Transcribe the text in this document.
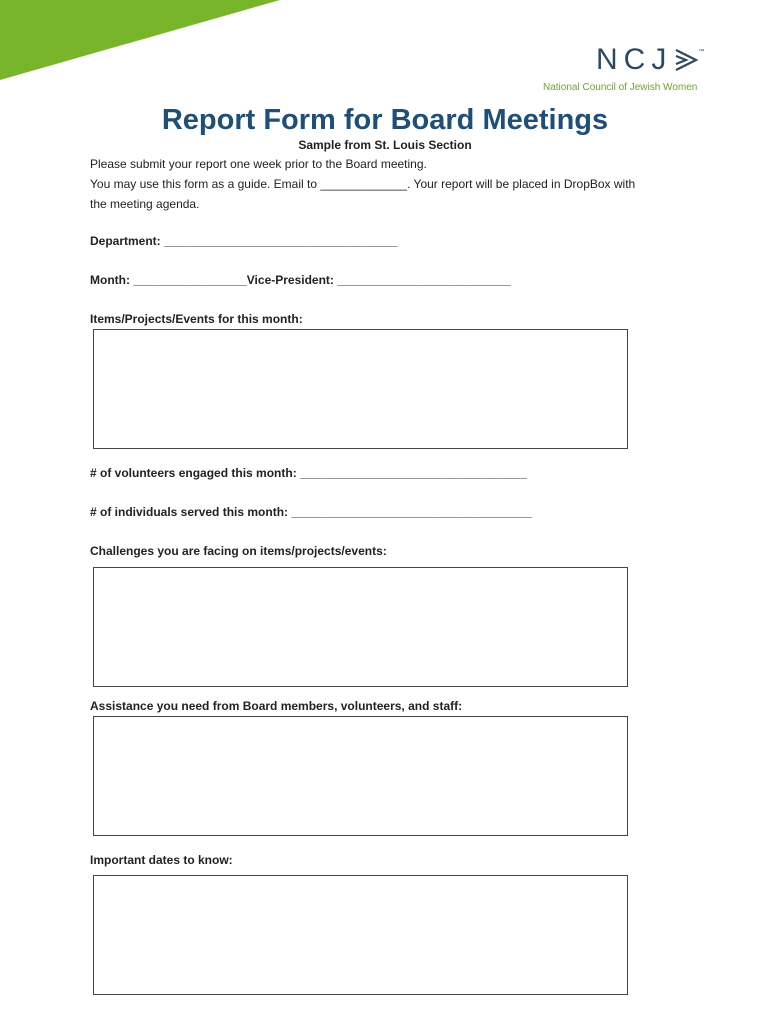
NCJ	™
National Council of Jewish Women
Report Form for Board Meetings
Sample from St. Louis Section

Please submit your report one week prior to the Board meeting.

You may use this form as a guide. Email to _____________. Your report will be placed in DropBox with

the meeting agenda.

Department: ___________________________________
Month: _________________Vice-President: __________________________
Items/Projects/Events for this month:
# of volunteers engaged this month: __________________________________
# of individuals served this month: ____________________________________
Challenges you are facing on items/projects/events:
Assistance you need from Board members, volunteers, and staff:
Important dates to know:
